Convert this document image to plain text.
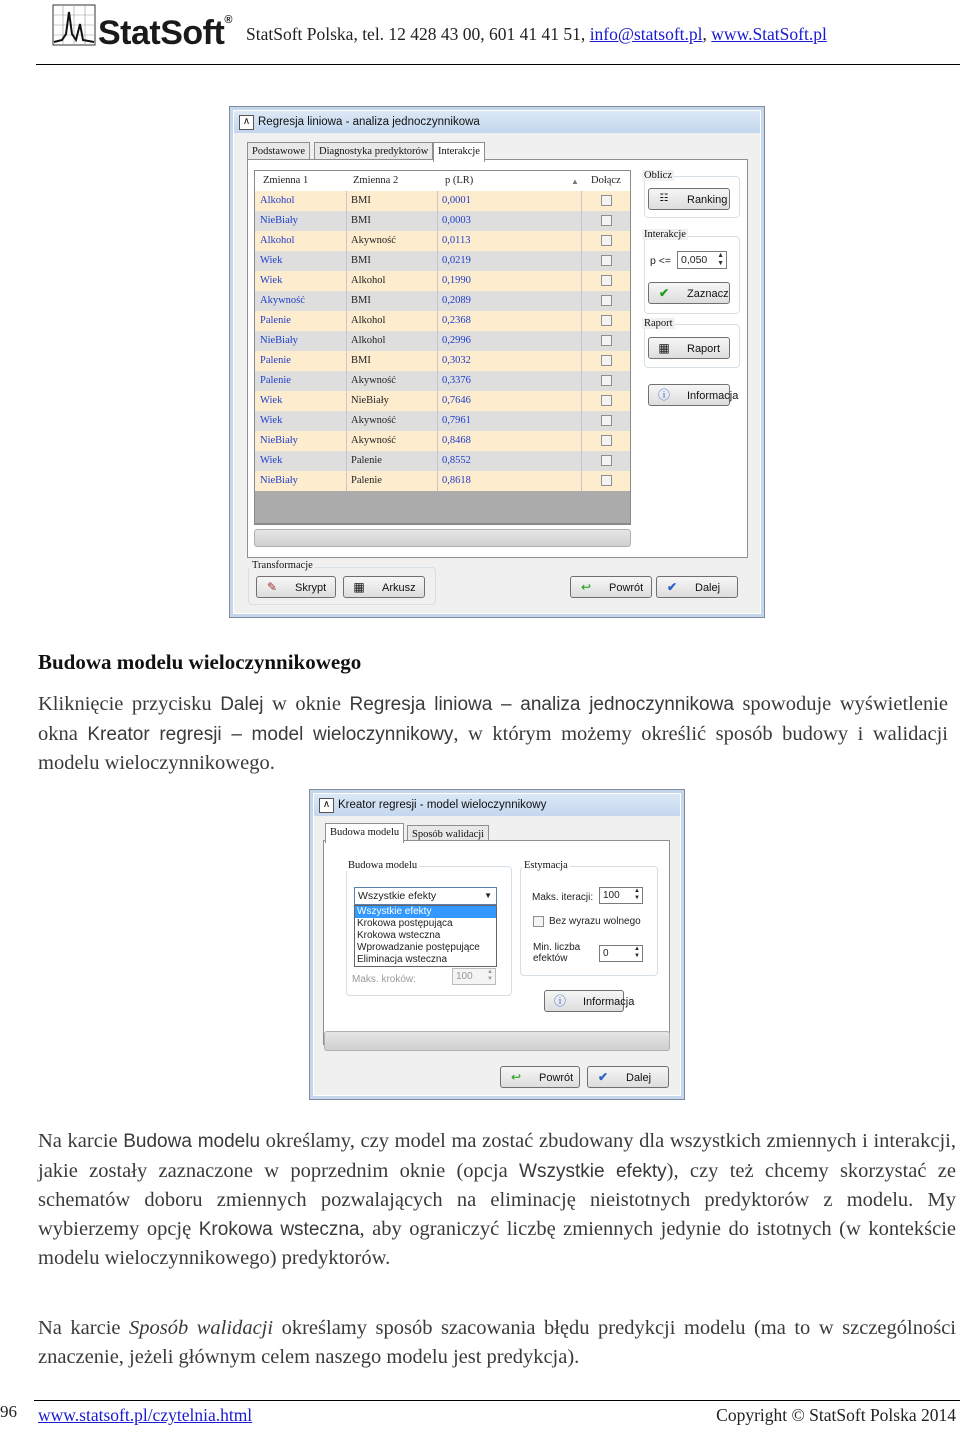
StatSoft®
StatSoft Polska, tel. 12 428 43 00, 601 41 41 51, info@statsoft.pl, www.StatSoft.pl
∧ Regresja liniowa - analiza jednoczynnikowa
Podstawowe	Diagnostyka predyktorów Interakcje
Zmienna 1	Zmienna 2	p (LR)	▲ Dołącz
Alkohol	BMI	0,0001
NieBiały	BMI	0,0003
Alkohol	Akywność	0,0113
Wiek	BMI	0,0219
Wiek	Alkohol	0,1990
Akywność	BMI	0,2089
Palenie	Alkohol	0,2368
NieBiały	Alkohol	0,2996
Palenie	BMI	0,3032
Palenie	Akywność	0,3376
Wiek	NieBiały	0,7646
Wiek	Akywność	0,7961
NieBiały	Akywność	0,8468
Wiek	Palenie	0,8552
NieBiały	Palenie	0,8618
Oblicz
☷ Ranking
Interakcje
p <= 0,050 ▲
▼
✔ Zaznacz
Raport
▦ Raport
ⓘ Informacja
Transformacje
✎ Skrypt	▦ Arkusz	↩ Powrót	✔ Dalej
Budowa modelu wieloczynnikowego
Kliknięcie przycisku Dalej w oknie Regresja liniowa – analiza jednoczynnikowa spowoduje wyświetlenie okna Kreator regresji – model wieloczynnikowy, w którym możemy określić sposób budowy i walidacji modelu wieloczynnikowego.
∧ Kreator regresji - model wieloczynnikowy
Budowa modelu	Sposób walidacji
Budowa modelu
Wszystkie efekty	▼
Wszystkie efekty
Krokowa postępująca
Krokowa wsteczna
Wprowadzanie postępujące
Eliminacja wsteczna
Maks. kroków:	100 ▲
▼
Estymacja
Maks. iteracji: 100 ▲
▼
Bez wyrazu wolnego
Min. liczba
efektów	0	▲
▼
ⓘ Informacja
↩ Powrót	✔ Dalej
Na karcie Budowa modelu określamy, czy model ma zostać zbudowany dla wszystkich zmiennych i interakcji, jakie zostały zaznaczone w poprzednim oknie (opcja Wszystkie efekty), czy też chcemy skorzystać ze schematów doboru zmiennych pozwalających na eliminację nieistotnych predyktorów z modelu. My wybierzemy opcję Krokowa wsteczna, aby ograniczyć liczbę zmiennych jedynie do istotnych (w kontekście modelu wieloczynnikowego) predyktorów.
Na karcie Sposób walidacji określamy sposób szacowania błędu predykcji modelu (ma to w szczególności znaczenie, jeżeli głównym celem naszego modelu jest predykcja).
96 www.statsoft.pl/czytelnia.html	Copyright © StatSoft Polska 2014
